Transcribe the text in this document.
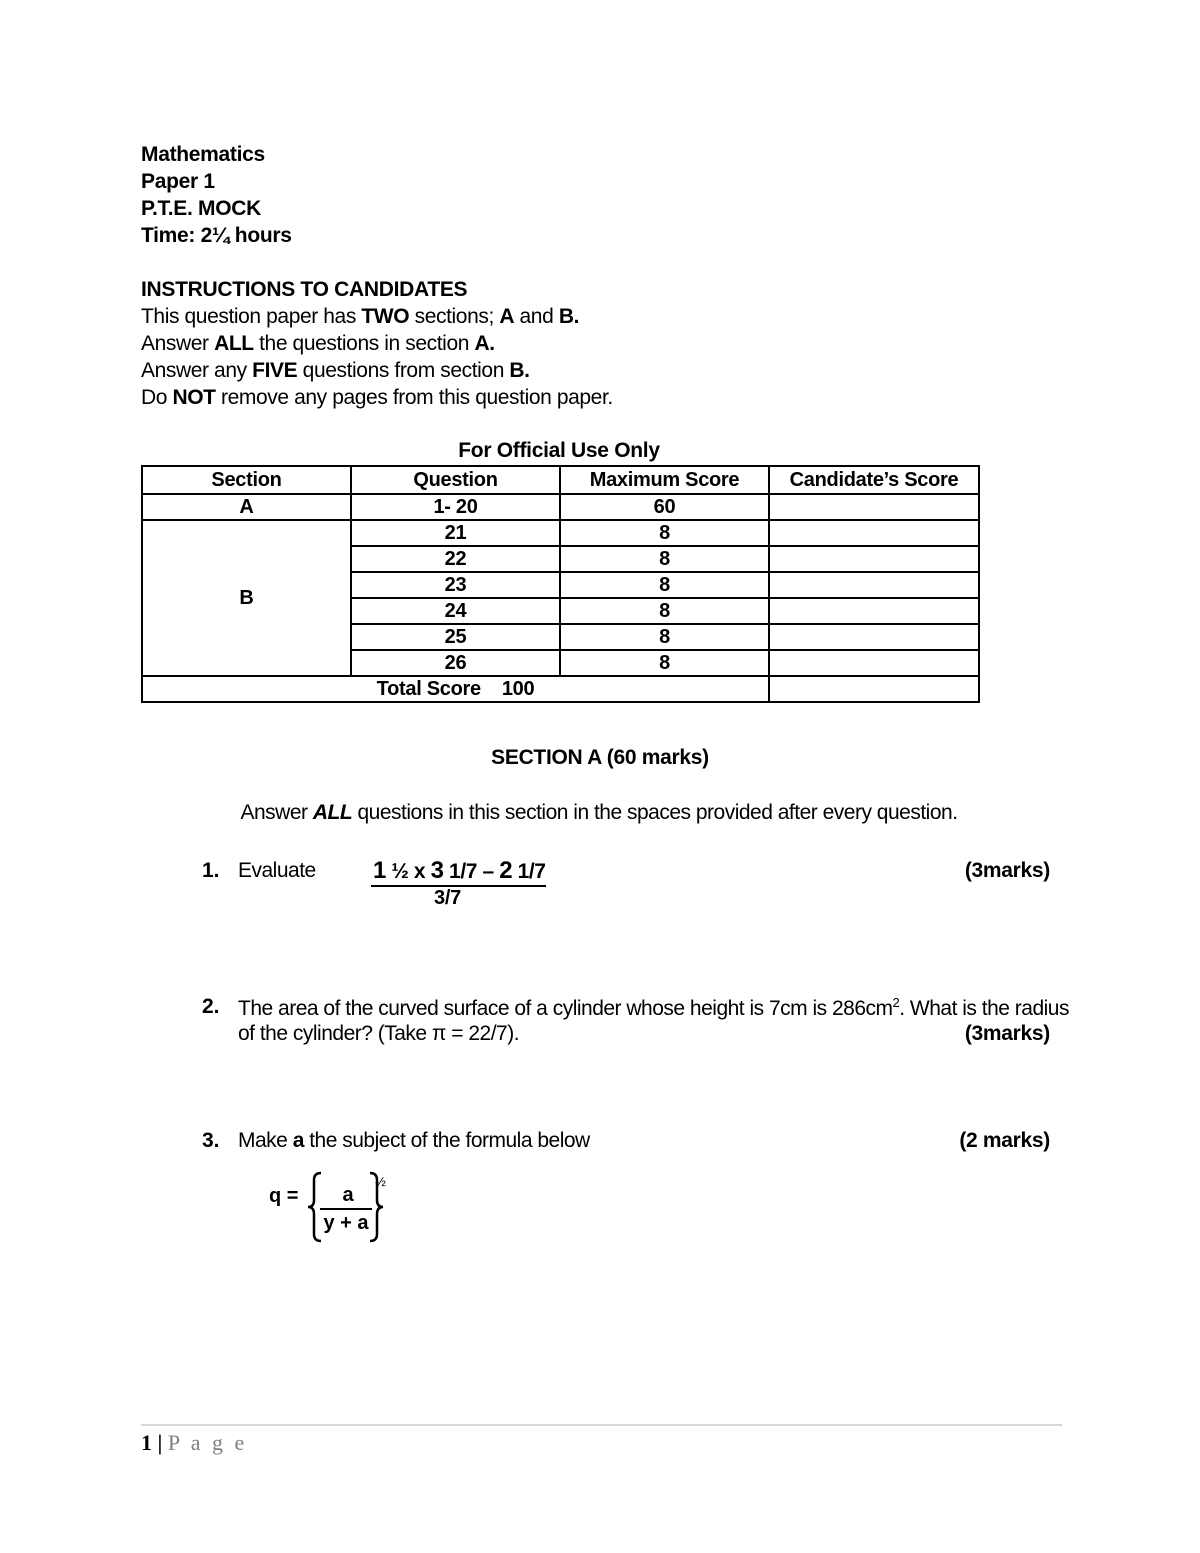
Mathematics
Paper 1
P.T.E. MOCK
Time: 2¼ hours
INSTRUCTIONS TO CANDIDATES
This question paper has TWO sections; A and B.
Answer ALL the questions in section A.
Answer any FIVE questions from section B.
Do NOT remove any pages from this question paper.
For Official Use Only
Section	Question	Maximum Score	Candidate’s Score
A	1- 20	60	
B	21	8	
	22	8	
	23	8	
	24	8	
	25	8	
	26	8	
Total Score 100			
SECTION A (60 marks)
Answer ALL questions in this section in the spaces provided after every question.
1. Evaluate 1 ½ x 3 1/7 – 2 1/7
3/7
(3marks)
2. The area of the curved surface of a cylinder whose height is 7cm is $286cm^2$. What is the radius
of the cylinder? (Take π = 22/7).	(3marks)
3. Make a the subject of the formula below	(2 marks)
q =	a
y + a
½
1 | P a g e
